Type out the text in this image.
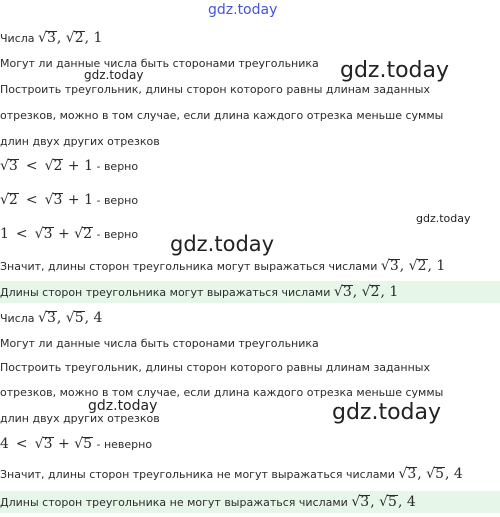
gdz.today
gdz.today
gdz.today
gdz.today
gdz.today
gdz.today	gdz.today
Числа √3, √2, 1
Могут ли данные числа быть сторонами треугольника
Построить треугольник, длины сторон которого равны длинам заданных
отрезков, можно в том случае, если длина каждого отрезка меньше суммы
длин двух других отрезков
√3 < √2 + 1 - верно
√2 < √3 + 1 - верно
1 < √3 + √2 - верно
Значит, длины сторон треугольника могут выражаться числами √3, √2, 1
Длины сторон треугольника могут выражаться числами √3, √2, 1
Числа √3, √5, 4
Могут ли данные числа быть сторонами треугольника
Построить треугольник, длины сторон которого равны длинам заданных
отрезков, можно в том случае, если длина каждого отрезка меньше суммы
длин двух других отрезков
4 < √3 + √5 - неверно
Значит, длины сторон треугольника не могут выражаться числами √3, √5, 4
Длины сторон треугольника не могут выражаться числами √3, √5, 4
